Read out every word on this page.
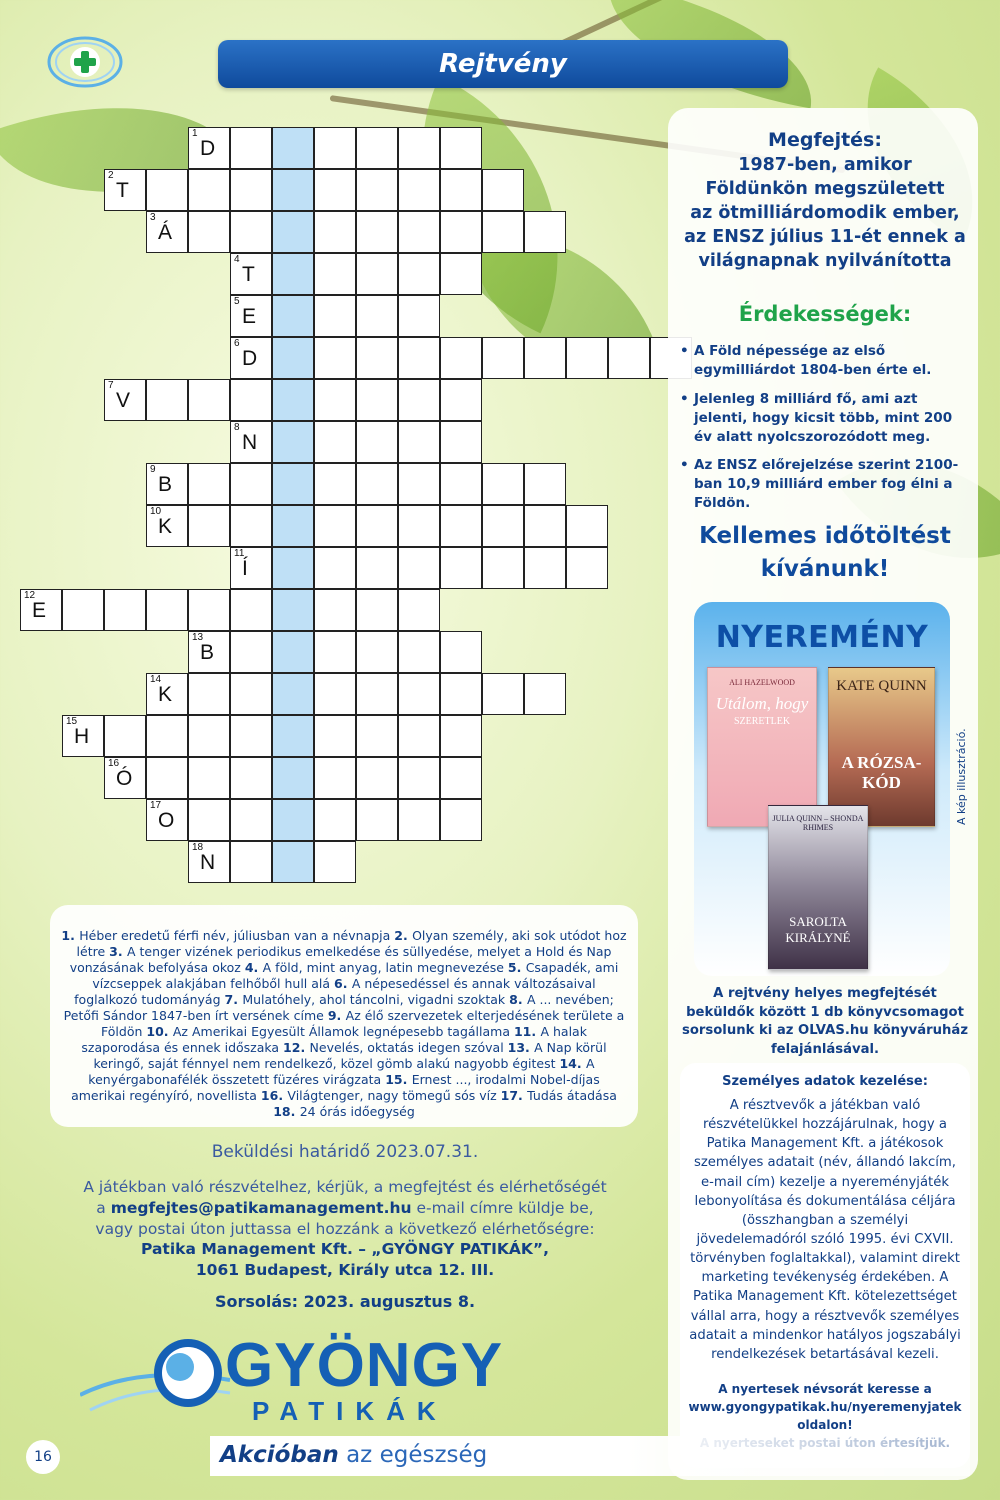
Rejtvény
1
D
2
T
3
Á
4
T
5
E
6
D
7
V
8
N
9
B
10
K
11
Í
12
E
13
B
14
K
15
H
16
Ó
17
O
18
N
Megfejtés:
1987-ben, amikor
Földünkön megszületett
az ötmilliárdomodik ember,
az ENSZ július 11-ét ennek a
világnapnak nyilvánította
Érdekességek:
• A Föld népessége az első egymilliárdot 1804-ben érte el.
• Jelenleg 8 milliárd fő, ami azt jelenti, hogy kicsit több, mint 200 év alatt nyolcszorozódott meg.
• Az ENSZ előrejelzése szerint 2100-ban 10,9 milliárd ember fog élni a Földön.
Kellemes időtöltést
kívánunk!
NYEREMÉNY
ALI HAZELWOOD
Utálom, hogy
SZERETLEK
KATE QUINN
A RÓZSA-KÓD
JULIA QUINN – SHONDA RHIMES
SAROLTA KIRÁLYNÉ
A kép illusztráció.
A rejtvény helyes megfejtését beküldők között 1 db könyvcsomagot sorsolunk ki az OLVAS.hu könyváruház felajánlásával.
Személyes adatok kezelése:
A résztvevők a játékban való részvételükkel hozzájárulnak, hogy a Patika Management Kft. a játékosok személyes adatait (név, állandó lakcím, e-mail cím) kezelje a nyereményjáték lebonyolítása és dokumentálása céljára (összhangban a személyi jövedelemadóról szóló 1995. évi CXVII. törvényben foglaltakkal), valamint direkt marketing tevékenység érdekében. A Patika Management Kft. kötelezettséget vállal arra, hogy a résztvevők személyes adatait a mindenkor hatályos jogszabályi rendelkezések betartásával kezeli.
A nyertesek névsorát keresse a
www.gyongypatikak.hu/nyeremenyjatek
oldalon!
1. Héber eredetű férfi név, júliusban van a névnapja 2. Olyan személy, aki sok utódot hoz létre 3. A tenger vizének periodikus emelkedése és süllyedése, melyet a Hold és Nap vonzásának befolyása okoz 4. A föld, mint anyag, latin megnevezése 5. Csapadék, ami vízcseppek alakjában felhőből hull alá 6. A népesedéssel és annak változásaival foglalkozó tudományág 7. Mulatóhely, ahol táncolni, vigadni szoktak 8. A ... nevében; Petőfi Sándor 1847-ben írt versének címe 9. Az élő szervezetek elterjedésének területe a Földön 10. Az Amerikai Egyesült Államok legnépesebb tagállama 11. A halak szaporodása és ennek időszaka 12. Nevelés, oktatás idegen szóval 13. A Nap körül keringő, saját fénnyel nem rendelkező, közel gömb alakú nagyobb égitest 14. A kenyérgabonafélék összetett füzéres virágzata 15. Ernest ..., irodalmi Nobel-díjas amerikai regényíró, novellista 16. Világtenger, nagy tömegű sós víz 17. Tudás átadása 18. 24 órás időegység
Beküldési határidő 2023.07.31.
A játékban való részvételhez, kérjük, a megfejtést és elérhetőségét
a megfejtes@patikamanagement.hu e-mail címre küldje be,
vagy postai úton juttassa el hozzánk a következő elérhetőségre:
Patika Management Kft. – „GYÖNGY PATIKÁK”,
1061 Budapest, Király utca 12. III.
Sorsolás: 2023. augusztus 8.
GYÖNGY
PATIKÁK
16	Akcióban az egészség
